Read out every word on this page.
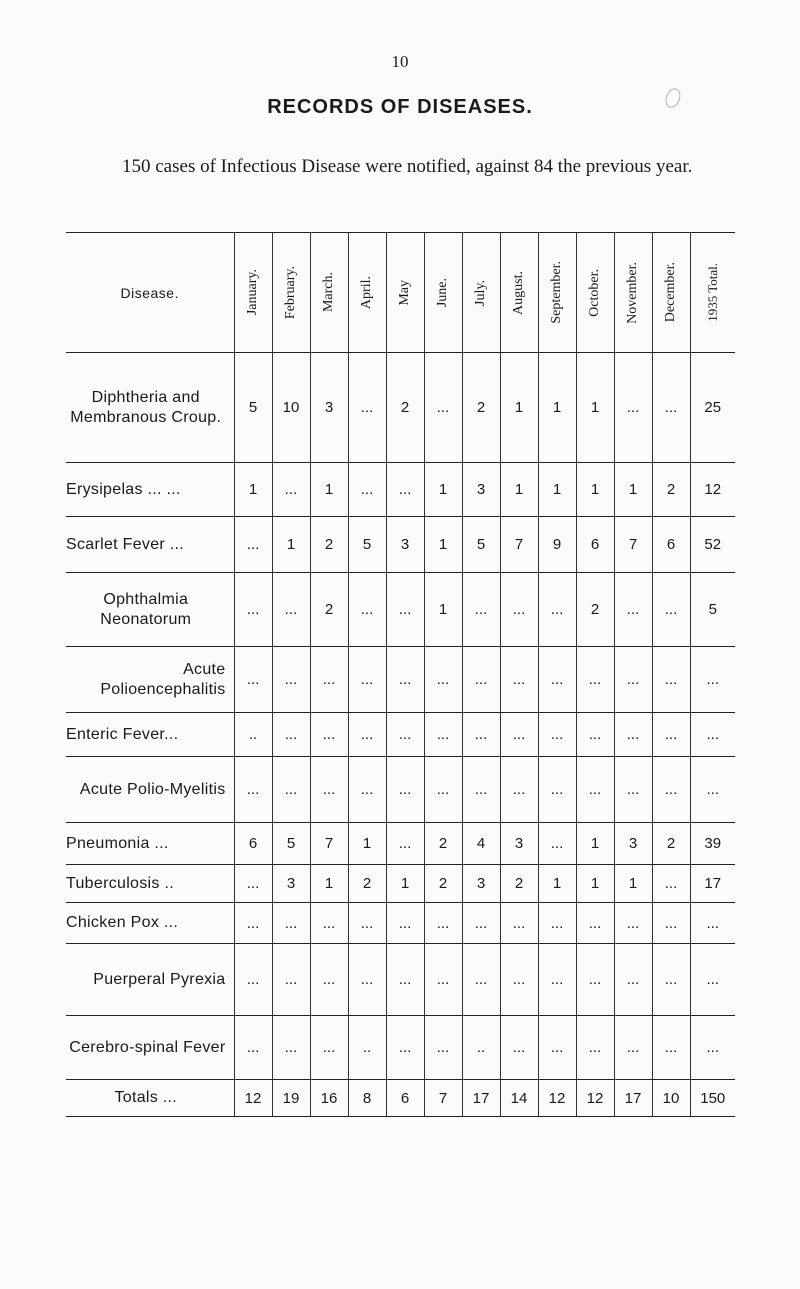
10
RECORDS OF DISEASES.
150 cases of Infectious Disease were notified, against 84 the previous year.
Disease.	January.	February.	March.	April.	May	June.	July.	August.	September.	October.	November.	December.	1935 Total.

Diphtheria and Membranous Croup.	5	10	3	...	2	...	2	1	1	1	...	...	25

Erysipelas ... ...	1	...	1	...	...	1	3	1	1	1	1	2	12

Scarlet Fever ...	...	1	2	5	3	1	5	7	9	6	7	6	52

Ophthalmia Neonatorum	...	...	2	...	...	1	...	...	...	2	...	...	5

Acute Polioencephalitis	...	...	...	...	...	...	...	...	...	...	...	...	...

Enteric Fever...	..	...	...	...	...	...	...	...	...	...	...	...	...

Acute Polio-Myelitis	...	...	...	...	...	...	...	...	...	...	...	...	...

Pneumonia ...	6	5	7	1	...	2	4	3	...	1	3	2	39

Tuberculosis ..	...	3	1	2	1	2	3	2	1	1	1	...	17

Chicken Pox ...	...	...	...	...	...	...	...	...	...	...	...	...	...

Puerperal Pyrexia	...	...	...	...	...	...	...	...	...	...	...	...	...

Cerebro-spinal Fever	...	...	...	..	...	...	..	...	...	...	...	...	...

Totals ...	12	19	16	8	6	7	17	14	12	12	17	10	150
